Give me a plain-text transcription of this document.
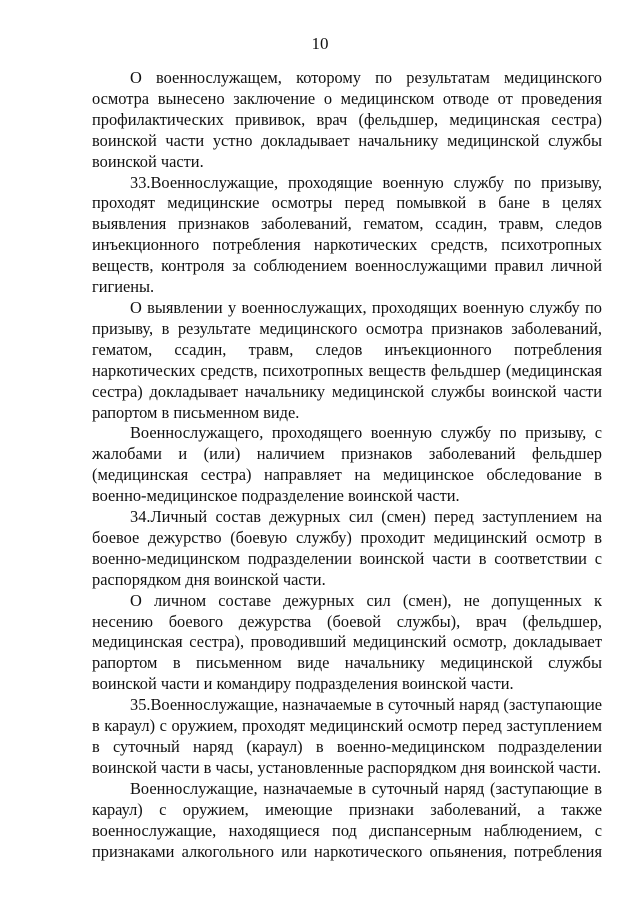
10

О военнослужащем, которому по результатам медицинского осмотра вынесено заключение о медицинском отводе от проведения профилактических прививок, врач (фельдшер, медицинская сестра) воинской части устно докладывает начальнику медицинской службы воинской части.

33.Военнослужащие, проходящие военную службу по призыву, проходят медицинские осмотры перед помывкой в бане в целях выявления признаков заболеваний, гематом, ссадин, травм, следов инъекционного потребления наркотических средств, психотропных веществ, контроля за соблюдением военнослужащими правил личной гигиены.

О выявлении у военнослужащих, проходящих военную службу по призыву, в результате медицинского осмотра признаков заболеваний, гематом, ссадин, травм, следов инъекционного потребления наркотических средств, психотропных веществ фельдшер (медицинская сестра) докладывает начальнику медицинской службы воинской части рапортом в письменном виде.

Военнослужащего, проходящего военную службу по призыву, с жалобами и (или) наличием признаков заболеваний фельдшер (медицинская сестра) направляет на медицинское обследование в военно-медицинское подразделение воинской части.

34.Личный состав дежурных сил (смен) перед заступлением на боевое дежурство (боевую службу) проходит медицинский осмотр в военно-медицинском подразделении воинской части в соответствии с распорядком дня воинской части.

О личном составе дежурных сил (смен), не допущенных к несению боевого дежурства (боевой службы), врач (фельдшер, медицинская сестра), проводивший медицинский осмотр, докладывает рапортом в письменном виде начальнику медицинской службы воинской части и командиру подразделения воинской части.

35.Военнослужащие, назначаемые в суточный наряд (заступающие в караул) с оружием, проходят медицинский осмотр перед заступлением в суточный наряд (караул) в военно-медицинском подразделении воинской части в часы, установленные распорядком дня воинской части.

Военнослужащие, назначаемые в суточный наряд (заступающие в караул) с оружием, имеющие признаки заболеваний, а также военнослужащие, находящиеся под диспансерным наблюдением, с признаками алкогольного или наркотического опьянения, потребления
